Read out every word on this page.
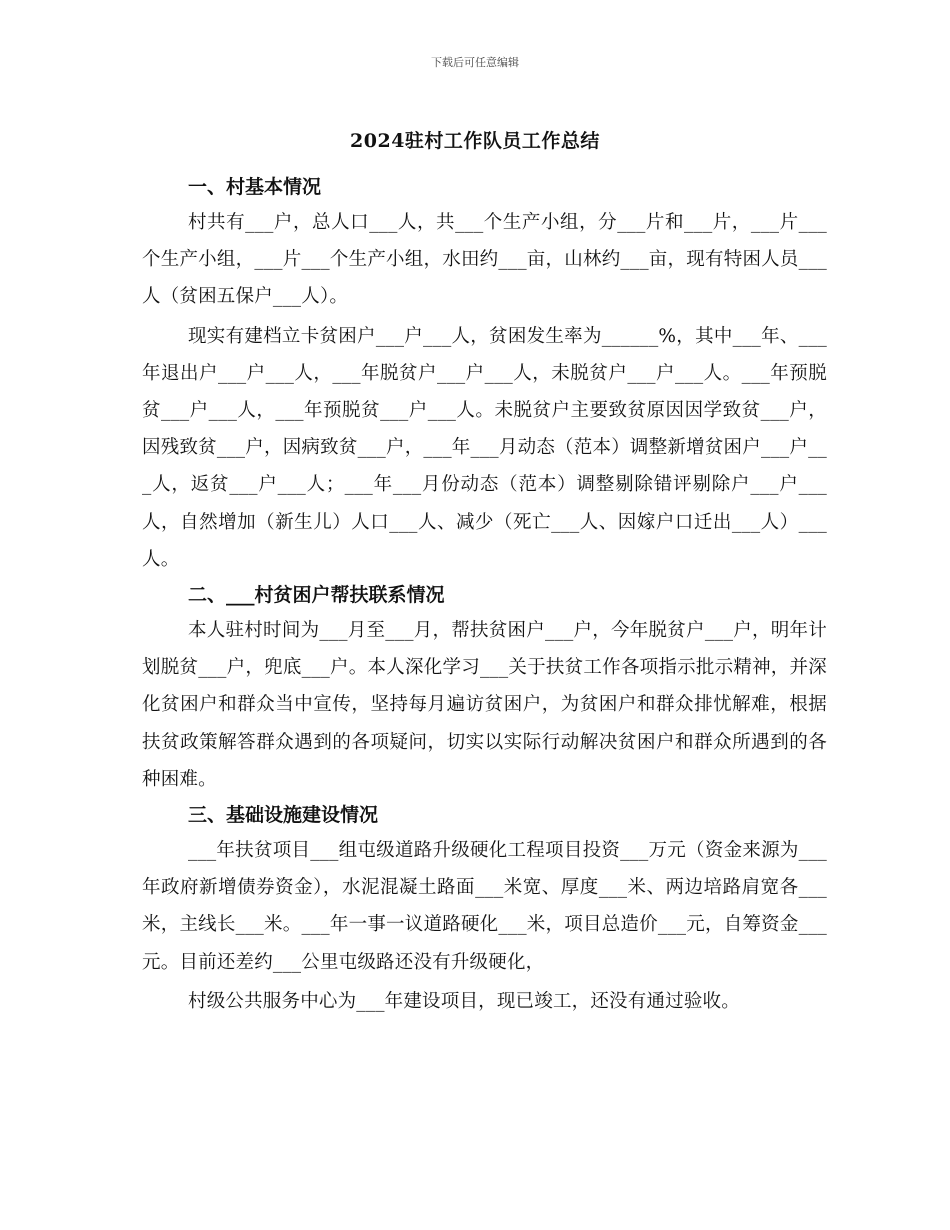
下载后可任意编辑
2024驻村工作队员工作总结
一、村基本情况

村共有___户，总人口___人，共___个生产小组，分___片和___片，___片___个生产小组，___片___个生产小组，水田约___亩，山林约___亩，现有特困人员___人（贫困五保户___人）。

现实有建档立卡贫困户___户___人，贫困发生率为______%，其中___年、___年退出户___户___人，___年脱贫户___户___人，未脱贫户___户___人。___年预脱贫___户___人，___年预脱贫___户___人。未脱贫户主要致贫原因因学致贫___户，因残致贫___户，因病致贫___户，___年___月动态（范本）调整新增贫困户___户___人，返贫___户___人；___年___月份动态（范本）调整剔除错评剔除户___户___人，自然增加（新生儿）人口___人、减少（死亡___人、因嫁户口迁出___人）___人。

二、___村贫困户帮扶联系情况

本人驻村时间为___月至___月，帮扶贫困户___户，今年脱贫户___户，明年计划脱贫___户，兜底___户。本人深化学习___关于扶贫工作各项指示批示精神，并深化贫困户和群众当中宣传，坚持每月遍访贫困户，为贫困户和群众排忧解难，根据扶贫政策解答群众遇到的各项疑问，切实以实际行动解决贫困户和群众所遇到的各种困难。

三、基础设施建设情况

___年扶贫项目___组屯级道路升级硬化工程项目投资___万元（资金来源为___年政府新增债券资金），水泥混凝土路面___米宽、厚度___米、两边培路肩宽各___米，主线长___米。___年一事一议道路硬化___米，项目总造价___元，自筹资金___元。目前还差约___公里屯级路还没有升级硬化，

村级公共服务中心为___年建设项目，现已竣工，还没有通过验收。
